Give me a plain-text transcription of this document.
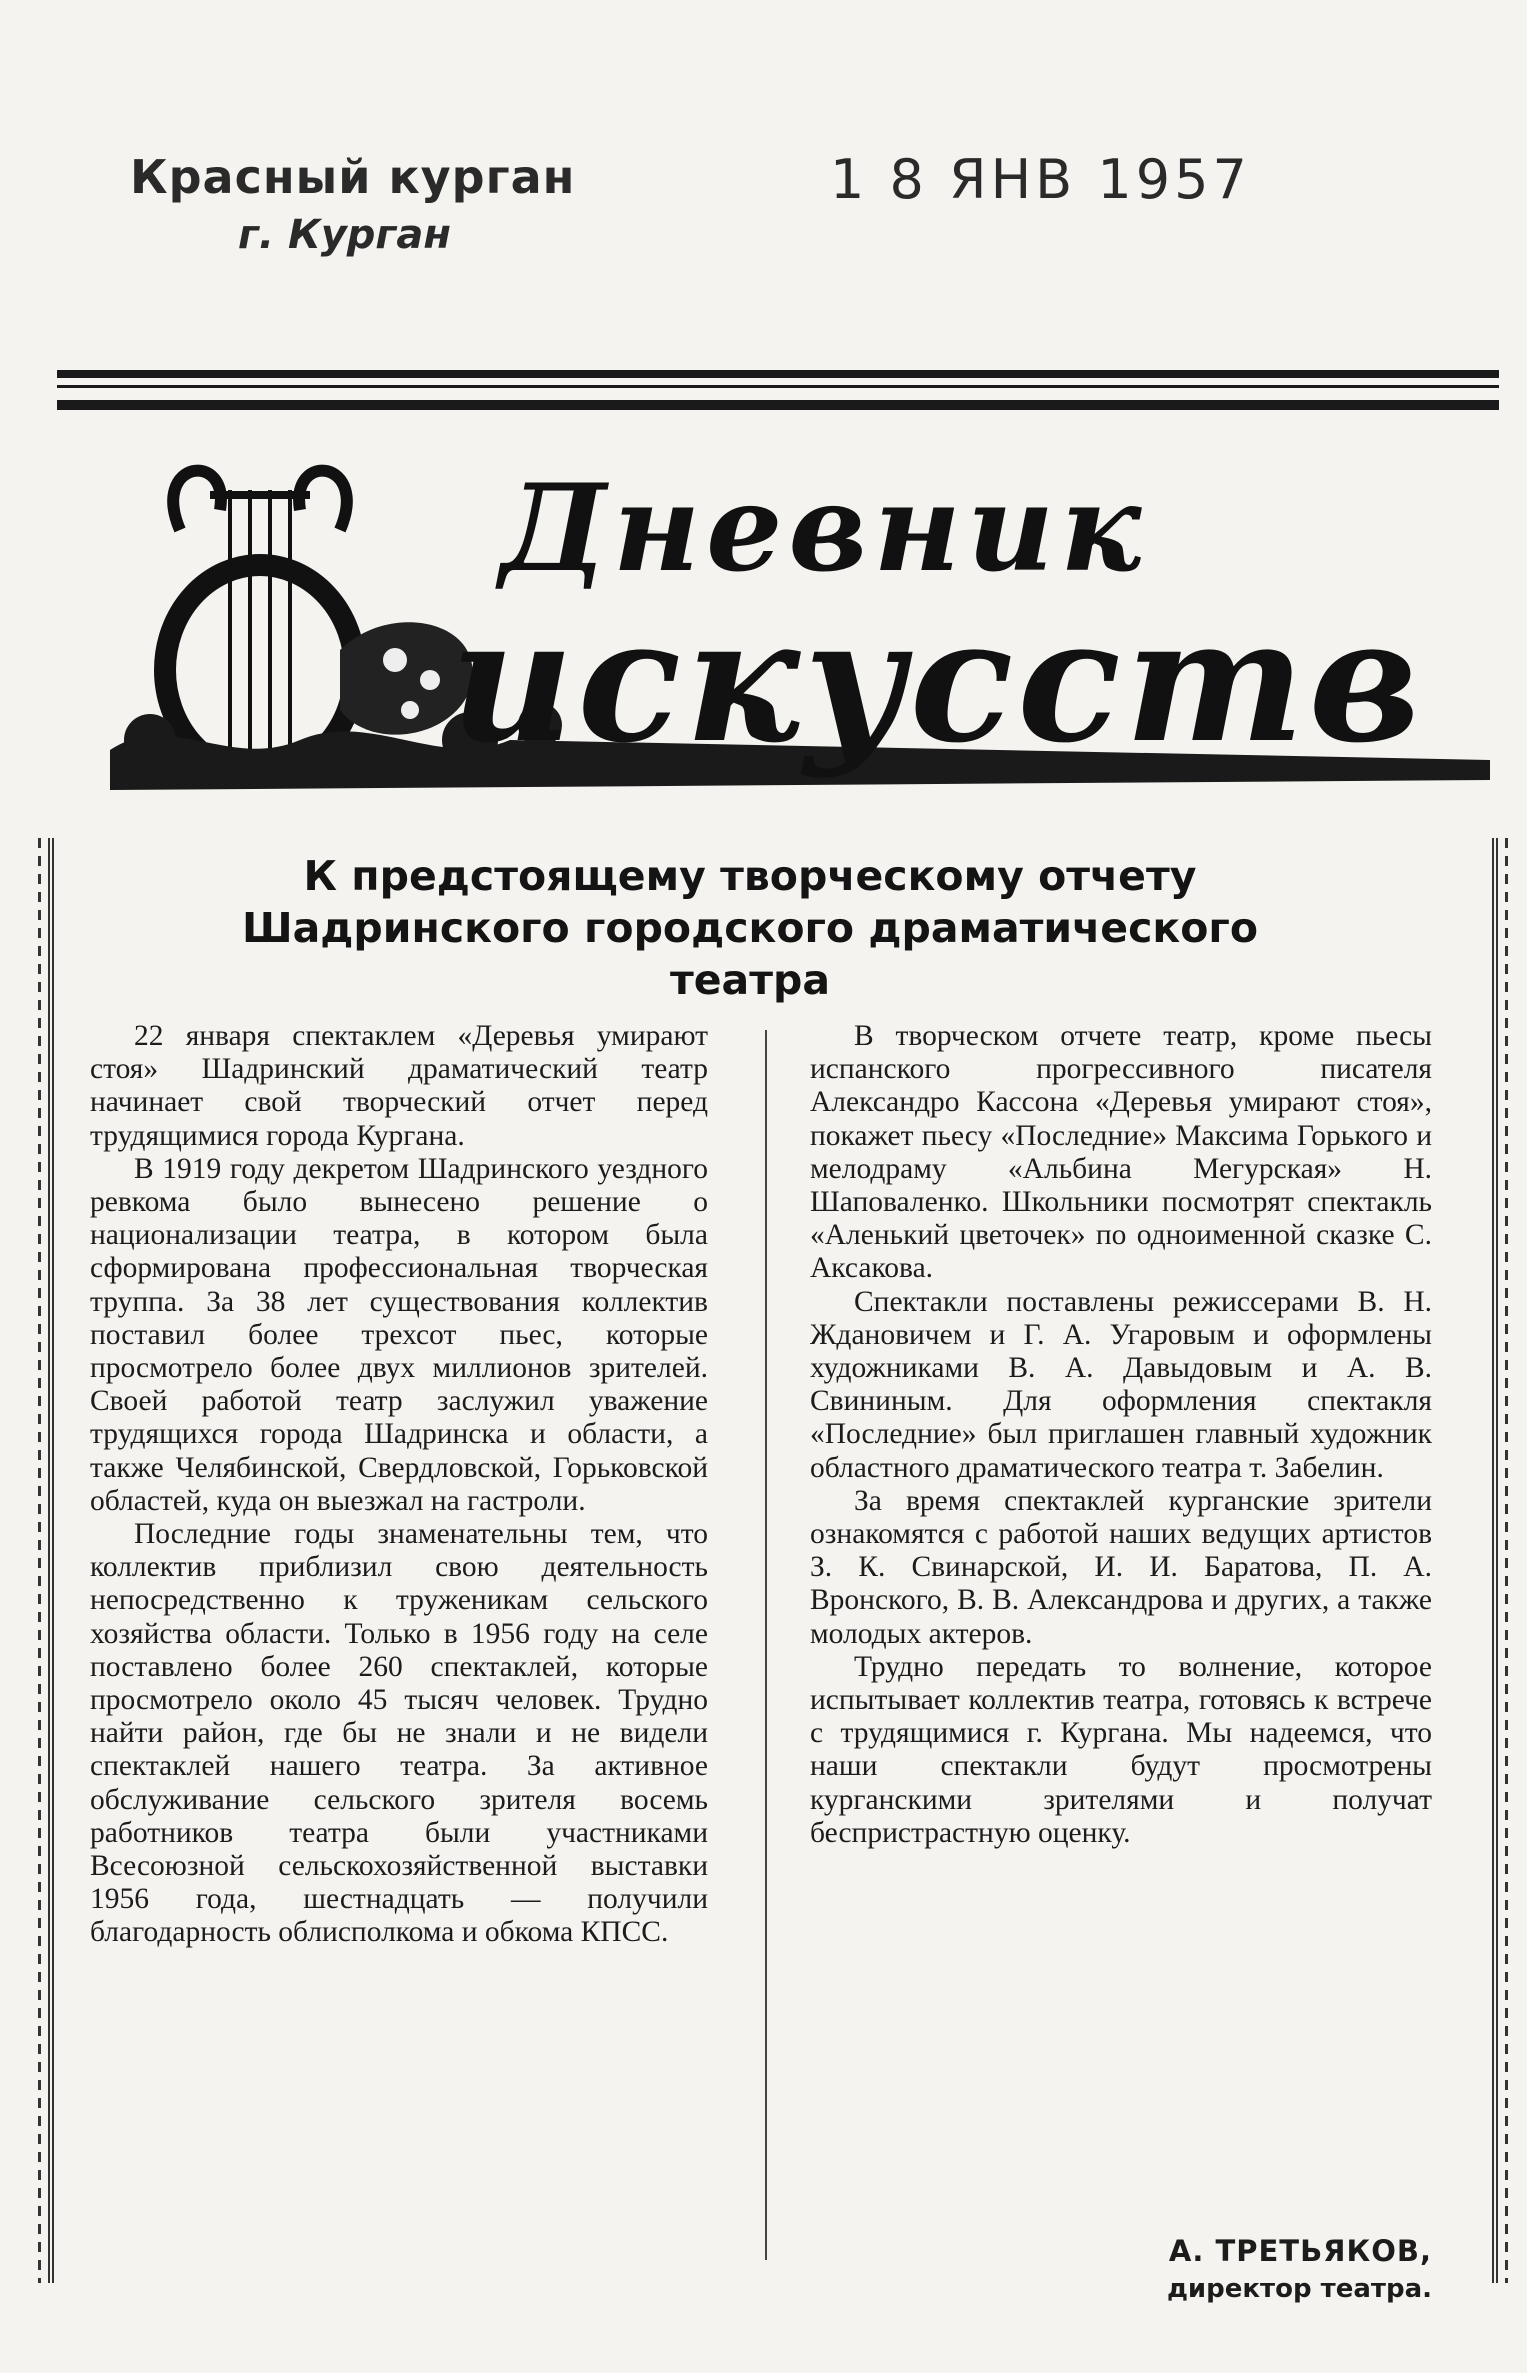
Красный курган
г. Курган
1 8 ЯНВ 1957
Дневник
искусств
К предстоящему творческому отчету
Шадринского городского драматического
театра

22 января спектаклем «Деревья умирают стоя» Шадринский драматический театр начинает свой творческий отчет перед трудящимися города Кургана.

В 1919 году декретом Шадринского уездного ревкома было вынесено решение о национализации театра, в котором была сформирована профессиональная творческая труппа. За 38 лет существования коллектив поставил более трехсот пьес, которые просмотрело более двух миллионов зрителей. Своей работой театр заслужил уважение трудящихся города Шадринска и области, а также Челябинской, Свердловской, Горьковской областей, куда он выезжал на гастроли.

Последние годы знаменательны тем, что коллектив приблизил свою деятельность непосредственно к труженикам сельского хозяйства области. Только в 1956 году на селе поставлено более 260 спектаклей, которые просмотрело около 45 тысяч человек. Трудно найти район, где бы не знали и не видели спектаклей нашего театра. За активное обслуживание сельского зрителя восемь работников театра были участниками Всесоюзной сельскохозяйственной выставки 1956 года, шестнадцать — получили благодарность облисполкома и обкома КПСС.

В творческом отчете театр, кроме пьесы испанского прогрессивного писателя Александро Кассона «Деревья умирают стоя», покажет пьесу «Последние» Максима Горького и мелодраму «Альбина Мегурская» Н. Шаповаленко. Школьники посмотрят спектакль «Аленький цветочек» по одноименной сказке С. Аксакова.

Спектакли поставлены режиссерами В. Н. Ждановичем и Г. А. Угаровым и оформлены художниками В. А. Давыдовым и А. В. Свининым. Для оформления спектакля «Последние» был приглашен главный художник областного драматического театра т. Забелин.

За время спектаклей курганские зрители ознакомятся с работой наших ведущих артистов З. К. Свинарской, И. И. Баратова, П. А. Вронского, В. В. Александрова и других, а также молодых актеров.

Трудно передать то волнение, которое испытывает коллектив театра, готовясь к встрече с трудящимися г. Кургана. Мы надеемся, что наши спектакли будут просмотрены курганскими зрителями и получат беспристрастную оценку.

А. ТРЕТЬЯКОВ,
директор театра.
